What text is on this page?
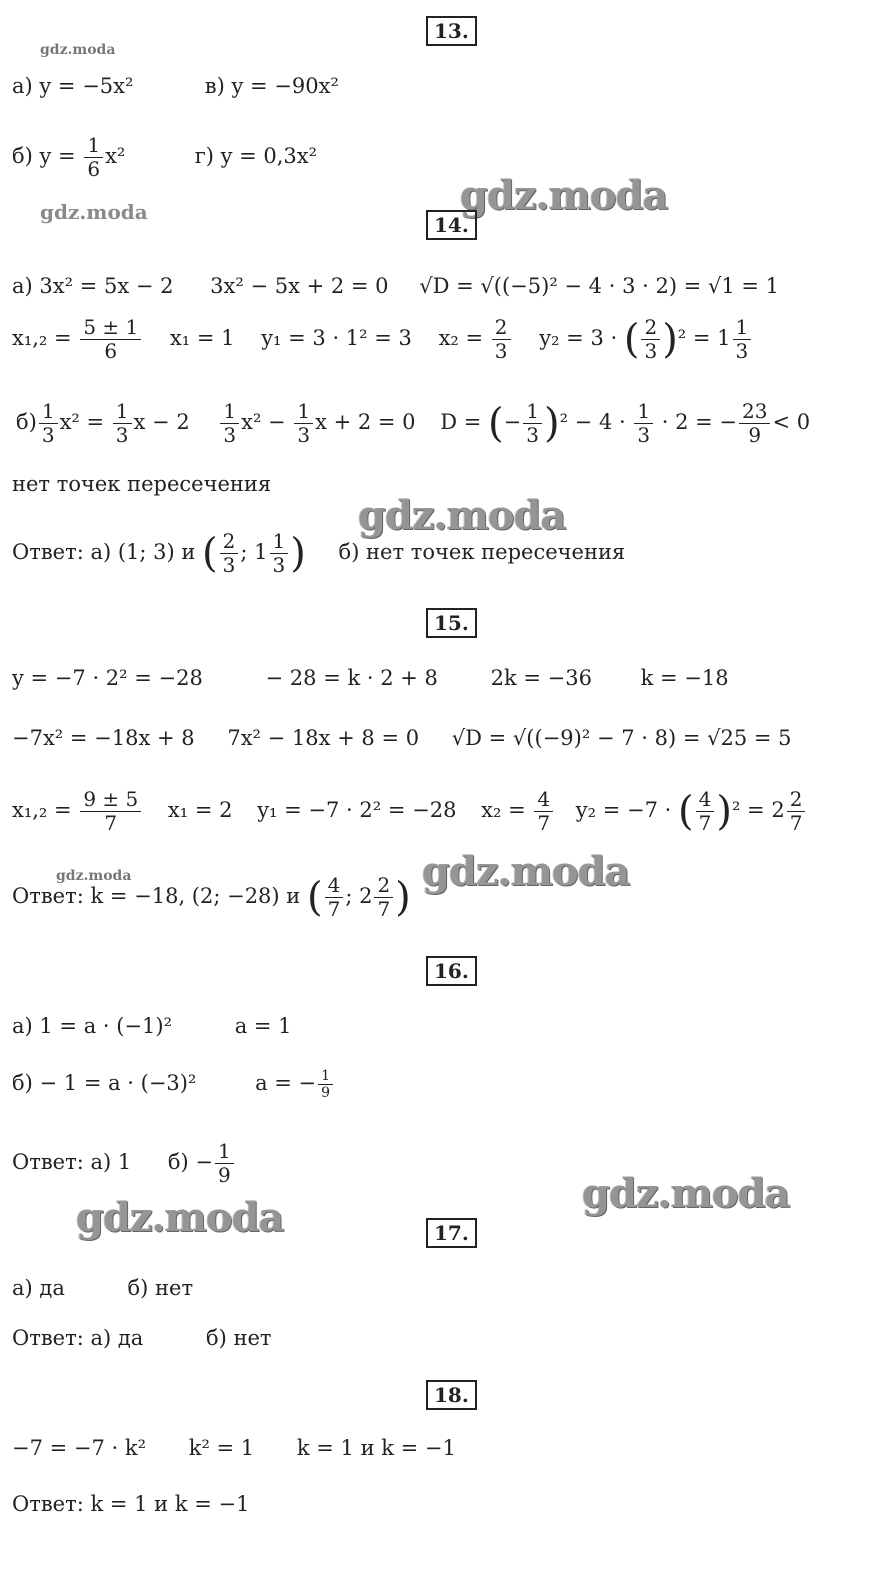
gdz.moda
gdz.moda	gdz.moda
gdz.moda
gdz.moda	gdz.moda
gdz.moda
gdz.moda
13.
а) y = −5x²	в) y = −90x²
б) $y = \frac{1}{6} x^2$	г) y = 0,3x²
14.
а) 3x² = 5x − 2 3x² − 5x + 2 = 0 √D = √((−5)² − 4 · 3 · 2) = √1 = 1
$x_1,_2 = \frac{5 \pm 1}{6} x_1 = 1$ y₁ = 3 · 1² = 3 $x_2 = \frac{2}{3} y_2 = 3$ · ( $\frac{2}{3} )^2 = 1 \frac{1}{3}$
$б) \frac{1}{3} x^2 = \frac{1}{3}$ $x - 2 \frac{1}{3} x^2 - \frac{1}{3}$ x + 2 = 0 D = (− $\frac{1}{3} )^2 - 4 \cdot \frac{1}{3} \cdot 2$ = − $\frac{23}{9} < 0$
нет точек пересечения
Ответ: а) (1; 3) и ( $\frac{2}{3}$ ; $1 \frac{1}{3}$ ) б) нет точек пересечения
15.
y = −7 · 2² = −28	− 28 = k · 2 + 8	2k = −36 k = −18
−7x² = −18x + 8 7x² − 18x + 8 = 0 √D = √((−9)² − 7 · 8) = √25 = 5
$x_1,_2 = \frac{9 \pm 5}{7} x_1 = 2$ y₁ = −7 · 2² = −28 $x_2 = \frac{4}{7} y_2 = -7$ · ( $\frac{4}{7} )^2 = 2 \frac{2}{7}$
Ответ: k = −18, (2; −28) и ( $\frac{4}{7}$ ; $2 \frac{2}{7}$ )
16.
а) 1 = a · (−1)²	a = 1
б) − 1 = a · (−3)²	a = − $\frac{1}{9}$
Ответ: а) 1 $б) - \frac{1}{9}$
17.
а) да	б) нет
Ответ: а) да	б) нет
18.
−7 = −7 · k² k² = 1 k = 1 и k = −1
Ответ: k = 1 и k = −1
